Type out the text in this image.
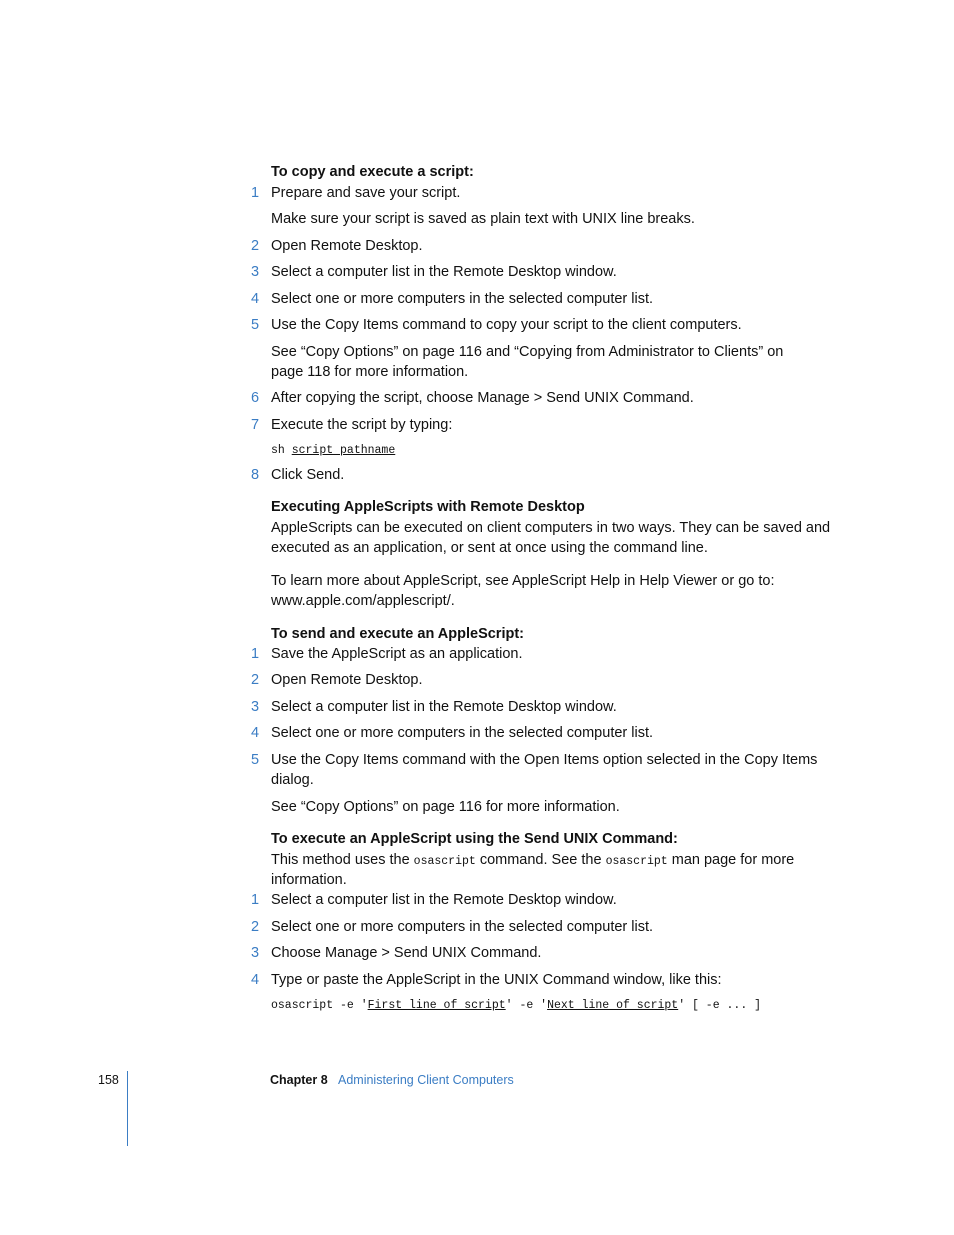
To copy and execute a script:
1 Prepare and save your script.
Make sure your script is saved as plain text with UNIX line breaks.
2 Open Remote Desktop.
3 Select a computer list in the Remote Desktop window.
4 Select one or more computers in the selected computer list.
5 Use the Copy Items command to copy your script to the client computers.
See “Copy Options” on page 116 and “Copying from Administrator to Clients” on
page 118 for more information.
6 After copying the script, choose Manage > Send UNIX Command.
7 Execute the script by typing:
sh script pathname
8 Click Send.
Executing AppleScripts with Remote Desktop
AppleScripts can be executed on client computers in two ways. They can be saved and
executed as an application, or sent at once using the command line.
To learn more about AppleScript, see AppleScript Help in Help Viewer or go to:
www.apple.com/applescript/.
To send and execute an AppleScript:
1 Save the AppleScript as an application.
2 Open Remote Desktop.
3 Select a computer list in the Remote Desktop window.
4 Select one or more computers in the selected computer list.
5 Use the Copy Items command with the Open Items option selected in the Copy Items
dialog.
See “Copy Options” on page 116 for more information.
To execute an AppleScript using the Send UNIX Command:
This method uses the osascript command. See the osascript man page for more
information.
1 Select a computer list in the Remote Desktop window.
2 Select one or more computers in the selected computer list.
3 Choose Manage > Send UNIX Command.
4 Type or paste the AppleScript in the UNIX Command window, like this:
osascript -e 'First line of script' -e 'Next line of script' [ -e ... ]
158	Chapter 8 Administering Client Computers
